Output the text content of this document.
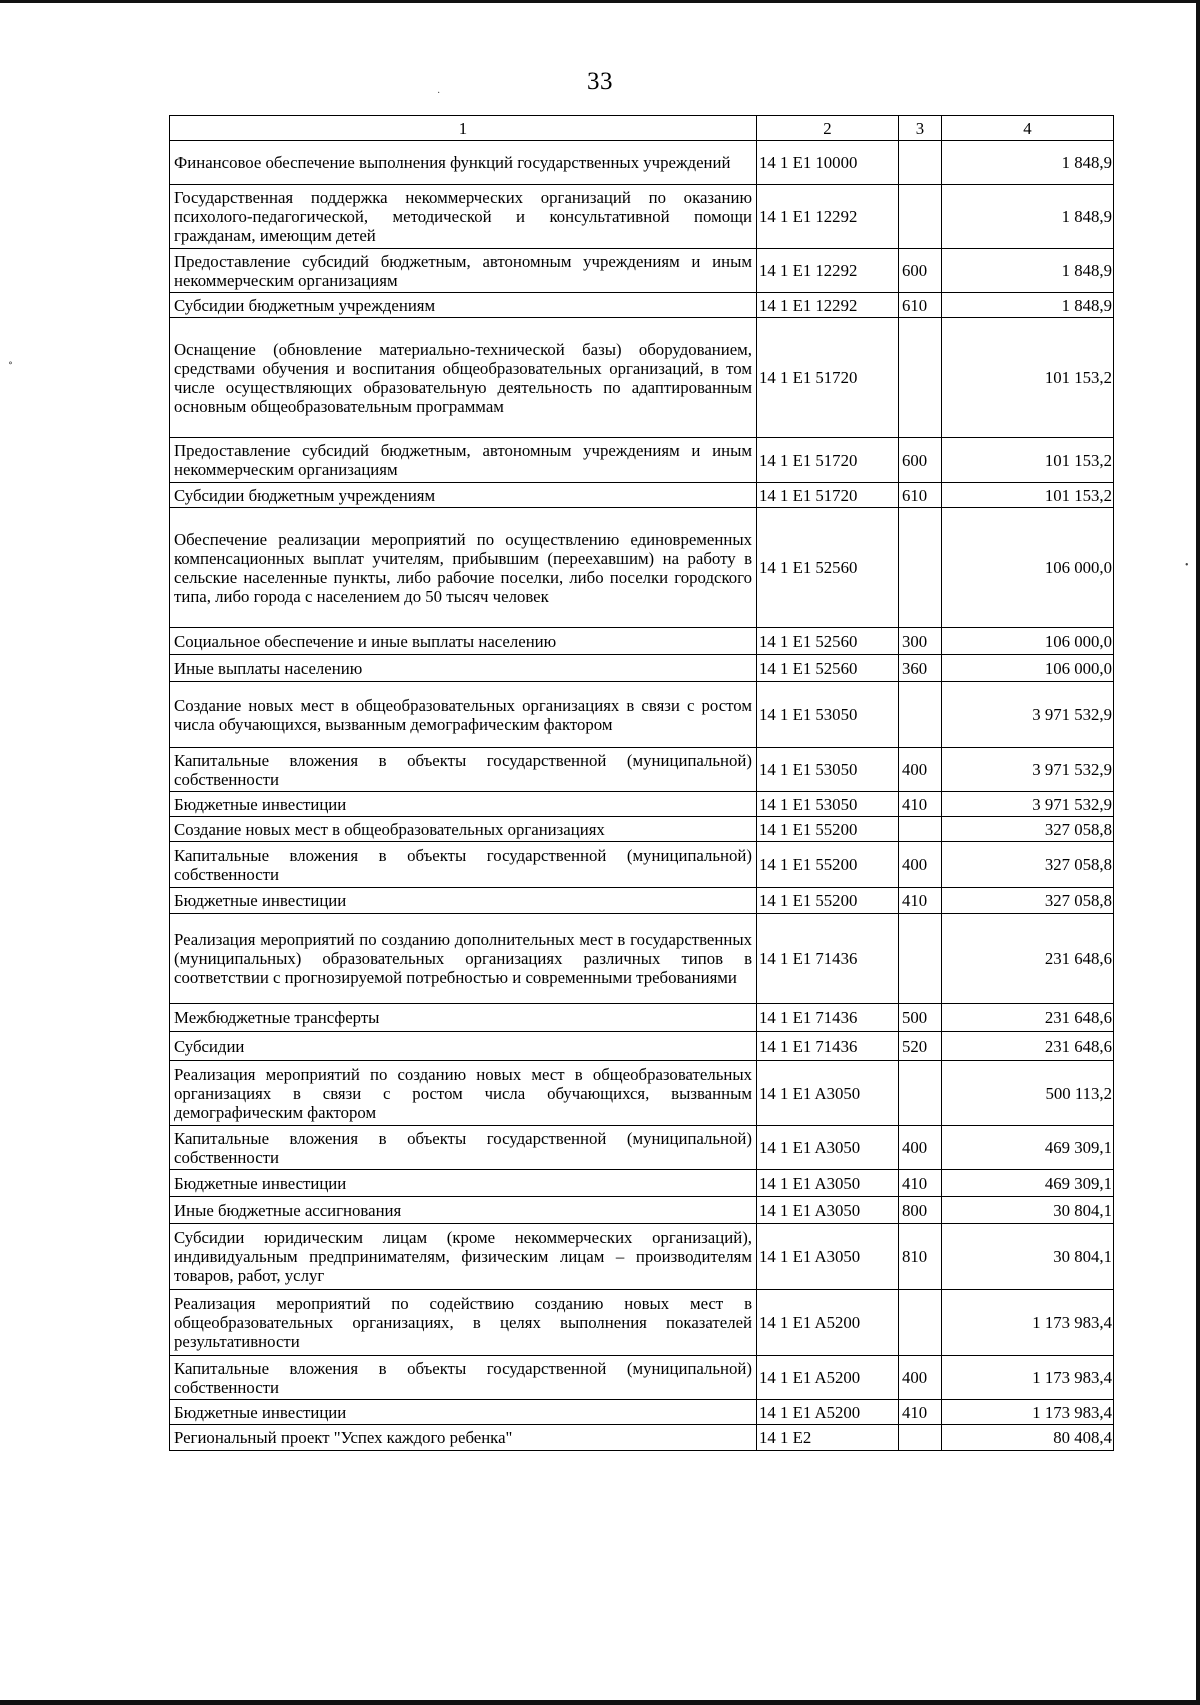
33
∘
•
·
1	2	3	4
Финансовое обеспечение выполнения функций государственных учреждений	14 1 E1 10000		1 848,9
Государственная поддержка некоммерческих организаций по оказанию психолого-педагогической, методической и консультативной помощи гражданам, имеющим детей	14 1 E1 12292		1 848,9
Предоставление субсидий бюджетным, автономным учреждениям и иным некоммерческим организациям	14 1 E1 12292	600	1 848,9
Субсидии бюджетным учреждениям	14 1 E1 12292	610	1 848,9
Оснащение (обновление материально-технической базы) оборудованием, средствами обучения и воспитания общеобразовательных организаций, в том числе осуществляющих образовательную деятельность по адаптированным основным общеобразовательным программам	14 1 E1 51720		101 153,2
Предоставление субсидий бюджетным, автономным учреждениям и иным некоммерческим организациям	14 1 E1 51720	600	101 153,2
Субсидии бюджетным учреждениям	14 1 E1 51720	610	101 153,2
Обеспечение реализации мероприятий по осуществлению единовременных компенсационных выплат учителям, прибывшим (переехавшим) на работу в сельские населенные пункты, либо рабочие поселки, либо поселки городского типа, либо города с населением до 50 тысяч человек	14 1 E1 52560		106 000,0
Социальное обеспечение и иные выплаты населению	14 1 E1 52560	300	106 000,0
Иные выплаты населению	14 1 E1 52560	360	106 000,0
Создание новых мест в общеобразовательных организациях в связи с ростом числа обучающихся, вызванным демографическим фактором	14 1 E1 53050		3 971 532,9
Капитальные вложения в объекты государственной (муниципальной) собственности	14 1 E1 53050	400	3 971 532,9
Бюджетные инвестиции	14 1 E1 53050	410	3 971 532,9
Создание новых мест в общеобразовательных организациях	14 1 E1 55200		327 058,8
Капитальные вложения в объекты государственной (муниципальной) собственности	14 1 E1 55200	400	327 058,8
Бюджетные инвестиции	14 1 E1 55200	410	327 058,8
Реализация мероприятий по созданию дополнительных мест в государственных (муниципальных) образовательных организациях различных типов в соответствии с прогнозируемой потребностью и современными требованиями	14 1 E1 71436		231 648,6
Межбюджетные трансферты	14 1 E1 71436	500	231 648,6
Субсидии	14 1 E1 71436	520	231 648,6
Реализация мероприятий по созданию новых мест в общеобразовательных организациях в связи с ростом числа обучающихся, вызванным демографическим фактором	14 1 E1 A3050		500 113,2
Капитальные вложения в объекты государственной (муниципальной) собственности	14 1 E1 A3050	400	469 309,1
Бюджетные инвестиции	14 1 E1 A3050	410	469 309,1
Иные бюджетные ассигнования	14 1 E1 A3050	800	30 804,1
Субсидии юридическим лицам (кроме некоммерческих организаций), индивидуальным предпринимателям, физическим лицам – производителям товаров, работ, услуг	14 1 E1 A3050	810	30 804,1
Реализация мероприятий по содействию созданию новых мест в общеобразовательных организациях, в целях выполнения показателей результативности	14 1 E1 A5200		1 173 983,4
Капитальные вложения в объекты государственной (муниципальной) собственности	14 1 E1 A5200	400	1 173 983,4
Бюджетные инвестиции	14 1 E1 A5200	410	1 173 983,4
Региональный проект "Успех каждого ребенка"	14 1 E2		80 408,4
